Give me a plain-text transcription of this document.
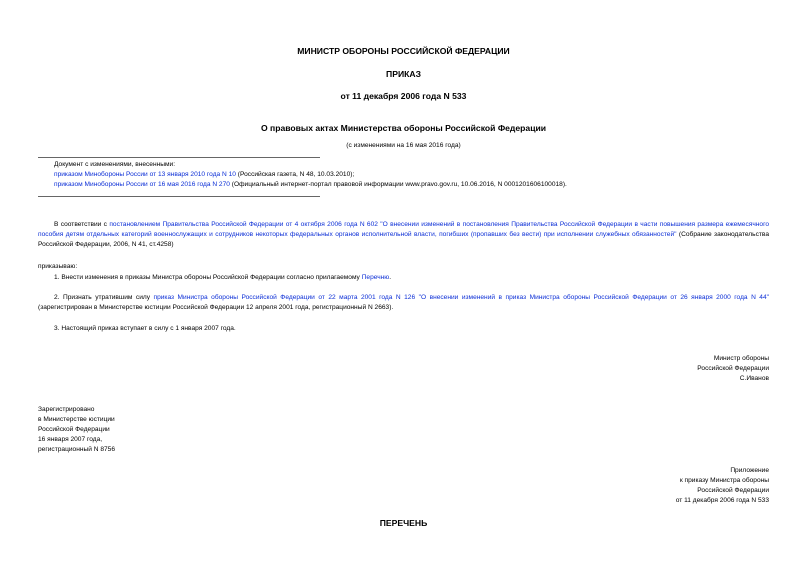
МИНИСТР ОБОРОНЫ РОССИЙСКОЙ ФЕДЕРАЦИИ
ПРИКАЗ
от 11 декабря 2006 года N 533
О правовых актах Министерства обороны Российской Федерации
(с изменениями на 16 мая 2016 года)
Документ с изменениями, внесенными:
приказом Минобороны России от 13 января 2010 года N 10 (Российская газета, N 48, 10.03.2010);
приказом Минобороны России от 16 мая 2016 года N 270 (Официальный интернет-портал правовой информации www.pravo.gov.ru, 10.06.2016, N 0001201606100018).
В соответствии с постановлением Правительства Российской Федерации от 4 октября 2006 года N 602 "О внесении изменений в постановления Правительства Российской Федерации в части повышения размера ежемесячного пособия детям отдельных категорий военнослужащих и сотрудников некоторых федеральных органов исполнительной власти, погибших (пропавших без вести) при исполнении служебных обязанностей" (Собрание законодательства Российской Федерации, 2006, N 41, ст.4258)
приказываю:
1. Внести изменения в приказы Министра обороны Российской Федерации согласно прилагаемому Перечню.
2. Признать утратившим силу приказ Министра обороны Российской Федерации от 22 марта 2001 года N 126 "О внесении изменений в приказ Министра обороны Российской Федерации от 26 января 2000 года N 44" (зарегистрирован в Министерстве юстиции Российской Федерации 12 апреля 2001 года, регистрационный N 2663).
3. Настоящий приказ вступает в силу с 1 января 2007 года.
Министр обороны
Российской Федерации
С.Иванов
Зарегистрировано
в Министерстве юстиции
Российской Федерации
16 января 2007 года,
регистрационный N 8756
Приложение
к приказу Министра обороны
Российской Федерации
от 11 декабря 2006 года N 533
ПЕРЕЧЕНЬ
